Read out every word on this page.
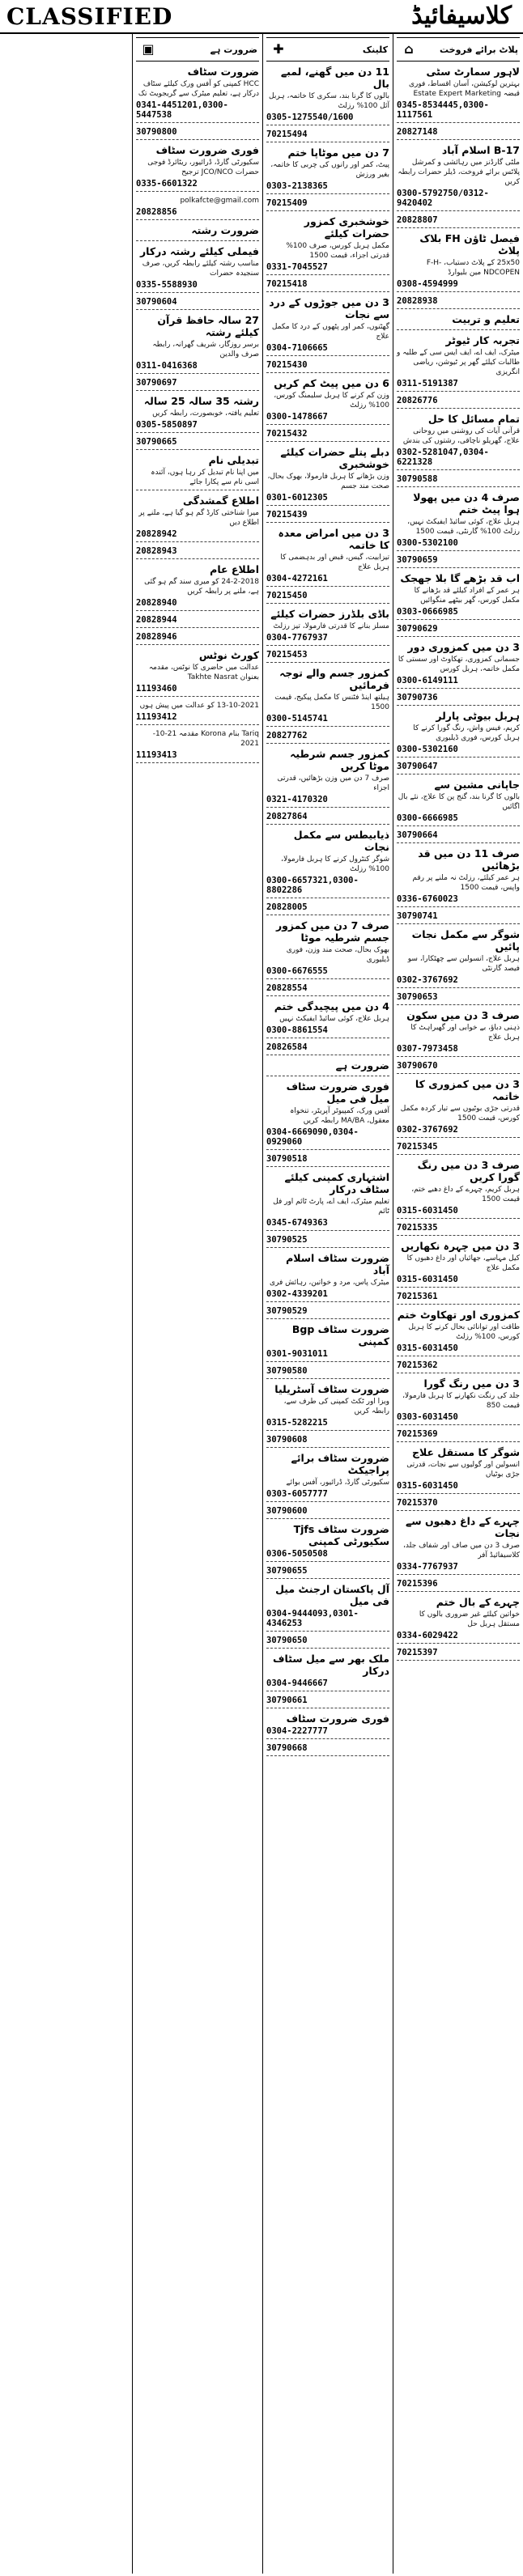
CLASSIFIED	کلاسیفائیڈ
پلاٹ برائے فروخت
⌂

لاہور سمارٹ سٹی

بہترین لوکیشن، آسان اقساط، فوری قبضہ Estate Expert Marketing

0345-8534445,0300-1117561

20827148

B-17 اسلام آباد

ملٹی گارڈنز میں رہائشی و کمرشل پلاٹس برائے فروخت، ڈیلر حضرات رابطہ کریں

0300-5792750/0312-9420402

20828807

فیصل ٹاؤن FH بلاک پلاٹ

25x50 کے پلاٹ دستیاب، F-H-NDCOPEN مین بلیوارڈ

0308-4594999

20828938

تعلیم و تربیت

تجربہ کار ٹیوٹر

میٹرک، ایف اے، ایف ایس سی کے طلبہ و طالبات کیلئے گھر پر ٹیوشن، ریاضی انگریزی

0311-5191387

20826776

تمام مسائل کا حل

قرآنی آیات کی روشنی میں روحانی علاج، گھریلو ناچاقی، رشتوں کی بندش

0302-5281047,0304-6221328

30790588

صرف 4 دن میں پھولا ہوا پیٹ ختم

ہربل علاج، کوئی سائیڈ ایفیکٹ نہیں، رزلٹ 100% گارنٹی، قیمت 1500

0300-5302100

30790659

اب قد بڑھے گا بلا جھجک

ہر عمر کے افراد کیلئے قد بڑھانے کا مکمل کورس، گھر بیٹھے منگوائیں

0303-0666985

30790629

3 دن میں کمزوری دور

جسمانی کمزوری، تھکاوٹ اور سستی کا مکمل خاتمہ، ہربل کورس

0300-6149111

30790736

ہربل بیوٹی پارلر

کریم، فیس واش، رنگ گورا کرنے کا ہربل کورس، فوری ڈیلیوری

0300-5302160

30790647

جاپانی مشین سے

بالوں کا گرنا بند، گنج پن کا علاج، نئے بال اگائیں

0300-6666985

30790664

صرف 11 دن میں قد بڑھائیں

ہر عمر کیلئے، رزلٹ نہ ملنے پر رقم واپس، قیمت 1500

0336-6760023

30790741

شوگر سے مکمل نجات پائیں

ہربل علاج، انسولین سے چھٹکارا، سو فیصد گارنٹی

0302-3767692

30790653

صرف 3 دن میں سکون

ذہنی دباؤ، بے خوابی اور گھبراہٹ کا ہربل علاج

0307-7973458

30790670

3 دن میں کمزوری کا خاتمہ

قدرتی جڑی بوٹیوں سے تیار کردہ مکمل کورس، قیمت 1500

0302-3767692

70215345

صرف 3 دن میں رنگ گورا کریں

ہربل کریم، چہرے کے داغ دھبے ختم، قیمت 1500

0315-6031450

70215335

3 دن میں چہرہ نکھاریں

کیل مہاسے، جھائیاں اور داغ دھبوں کا مکمل علاج

0315-6031450

70215361

کمزوری اور تھکاوٹ ختم

طاقت اور توانائی بحال کرنے کا ہربل کورس، 100% رزلٹ

0315-6031450

70215362

3 دن میں رنگ گورا

جلد کی رنگت نکھارنے کا ہربل فارمولا، قیمت 850

0303-6031450

70215369

شوگر کا مستقل علاج

انسولین اور گولیوں سے نجات، قدرتی جڑی بوٹیاں

0315-6031450

70215370

چہرے کے داغ دھبوں سے نجات

صرف 3 دن میں صاف اور شفاف جلد، کلاسیفائیڈ آفر

0334-7767937

70215396

چہرے کے بال ختم

خواتین کیلئے غیر ضروری بالوں کا مستقل ہربل حل

0334-6029422

70215397

کلینک
✚

11 دن میں گھنے، لمبے بال

بالوں کا گرنا بند، سکری کا خاتمہ، ہربل آئل 100% رزلٹ

0305-1275540/1600

70215494

7 دن میں موٹاپا ختم

پیٹ، کمر اور رانوں کی چربی کا خاتمہ، بغیر ورزش

0303-2138365

70215409

خوشخبری کمزور حضرات کیلئے

مکمل ہربل کورس، صرف 100% قدرتی اجزاء، قیمت 1500

0331-7045527

70215418

3 دن میں جوڑوں کے درد سے نجات

گھٹنوں، کمر اور پٹھوں کے درد کا مکمل علاج

0304-7106665

70215430

6 دن میں پیٹ کم کریں

وزن کم کرنے کا ہربل سلیمنگ کورس، 100% رزلٹ

0300-1478667

70215432

دبلے پتلے حضرات کیلئے خوشخبری

وزن بڑھانے کا ہربل فارمولا، بھوک بحال، صحت مند جسم

0301-6012305

70215439

3 دن میں امراض معدہ کا خاتمہ

تیزابیت، گیس، قبض اور بدہضمی کا ہربل علاج

0304-4272161

70215450

باڈی بلڈرز حضرات کیلئے

مسلز بنانے کا قدرتی فارمولا، تیز رزلٹ

0304-7767937

70215453

کمزور جسم والے توجہ فرمائیں

ہیلتھ اینڈ فٹنس کا مکمل پیکیج، قیمت 1500

0300-5145741

20827762

کمزور جسم شرطیہ موٹا کریں

صرف 7 دن میں وزن بڑھائیں، قدرتی اجزاء

0321-4170320

20827864

ذیابیطس سے مکمل نجات

شوگر کنٹرول کرنے کا ہربل فارمولا، 100% رزلٹ

0300-6657321,0300-8802286

20828005

صرف 7 دن میں کمزور جسم شرطیہ موٹا

بھوک بحال، صحت مند وزن، فوری ڈیلیوری

0300-6676555

20828554

4 دن میں پیچیدگی ختم

ہربل علاج، کوئی سائیڈ ایفیکٹ نہیں

0300-8861554

20826584

ضرورت ہے

فوری ضرورت سٹاف میل فی میل

آفس ورک، کمپیوٹر آپریٹر، تنخواہ معقول، MA/BA رابطہ کریں

0304-6669090,0304-0929060

30790518

اشتہاری کمپنی کیلئے سٹاف درکار

تعلیم میٹرک، ایف اے، پارٹ ٹائم اور فل ٹائم

0345-6749363

30790525

ضرورت سٹاف اسلام آباد

میٹرک پاس، مرد و خواتین، رہائش فری

0302-4339201

30790529

ضرورت سٹاف Bgp کمپنی

0301-9031011

30790580

ضرورت سٹاف آسٹریلیا

ویزا اور ٹکٹ کمپنی کی طرف سے، رابطہ کریں

0315-5282215

30790608

ضرورت سٹاف برائے پراجیکٹ

سکیورٹی گارڈ، ڈرائیور، آفس بوائے

0303-6057777

30790600

ضرورت سٹاف Tjfs سکیورٹی کمپنی

0306-5050508

30790655

آل پاکستان ارجنٹ میل فی میل

0304-9444093,0301-4346253

30790650

ملک بھر سے میل سٹاف درکار

0304-9446667

30790661

فوری ضرورت سٹاف

0304-2227777

30790668

ضرورت ہے
▣

ضرورت سٹاف

HCC کمپنی کو آفس ورک کیلئے سٹاف درکار ہے، تعلیم میٹرک سے گریجویٹ تک

0341-4451201,0300-5447538

30790800

فوری ضرورت سٹاف

سکیورٹی گارڈ، ڈرائیور، ریٹائرڈ فوجی حضرات JCO/NCO ترجیح

0335-6601322

polkafcte@gmail.com

20828856

ضرورت رشتہ

فیملی کیلئے رشتہ درکار

مناسب رشتہ کیلئے رابطہ کریں، صرف سنجیدہ حضرات

0335-5588930

30790604

27 سالہ حافظ قرآن کیلئے رشتہ

برسر روزگار، شریف گھرانہ، رابطہ صرف والدین

0311-0416368

30790697

رشتہ 35 سالہ 25 سالہ

تعلیم یافتہ، خوبصورت، رابطہ کریں

0305-5850897

30790665

تبدیلی نام

میں اپنا نام تبدیل کر رہا ہوں، آئندہ اسی نام سے پکارا جائے

اطلاع گمشدگی

میرا شناختی کارڈ گم ہو گیا ہے، ملنے پر اطلاع دیں

20828942

20828943

اطلاع عام

24-2-2018 کو میری سند گم ہو گئی ہے، ملنے پر رابطہ کریں

20828940

20828944

20828946

کورٹ نوٹس

عدالت میں حاضری کا نوٹس، مقدمہ بعنوان Takhte Nasrat

11193460

13-10-2021 کو عدالت میں پیش ہوں

11193412

Tariq بنام Korona مقدمہ 21-10-2021

11193413
